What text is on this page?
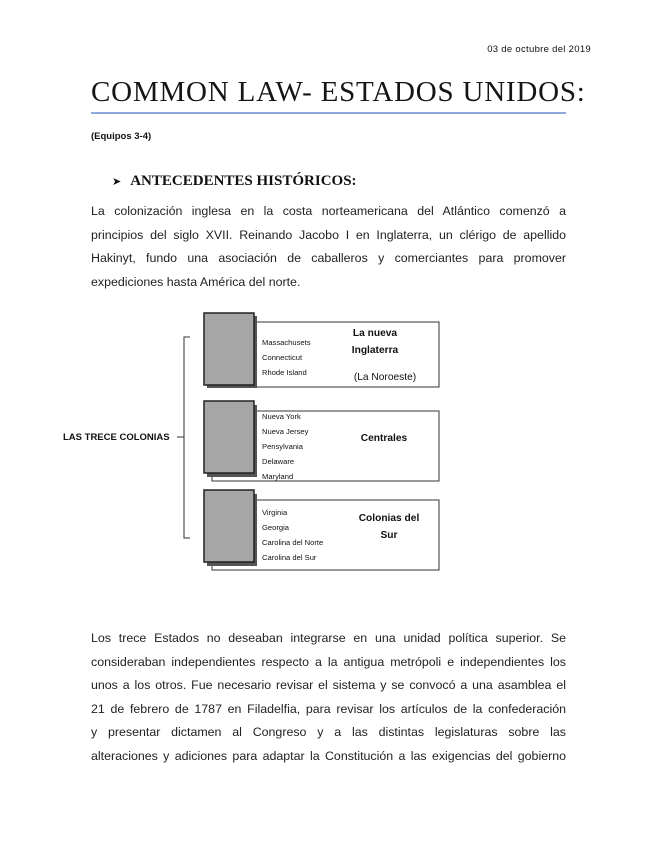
03 de octubre del 2019
COMMON LAW- ESTADOS UNIDOS:
(Equipos 3-4)
➤ ANTECEDENTES HISTÓRICOS:
La colonización inglesa en la costa norteamericana del Atlántico comenzó a
principios del siglo XVII. Reinando Jacobo I en Inglaterra, un clérigo de apellido
Hakinyt, fundo una asociación de caballeros y comerciantes para promover
expediciones hasta América del norte.
LAS TRECE COLONIAS
Massachusets
Connecticut
Rhode Island
La nueva
Inglaterra
(La Noroeste)
Nueva York
Nueva Jersey
Pensylvania
Delaware
Maryland
Centrales
Virginia
Georgia
Carolina del Norte
Carolina del Sur
Colonias del
Sur
Los trece Estados no deseaban integrarse en una unidad política superior. Se
consideraban independientes respecto a la antigua metrópoli e independientes los
unos a los otros. Fue necesario revisar el sistema y se convocó a una asamblea el
21 de febrero de 1787 en Filadelfia, para revisar los artículos de la confederación
y presentar dictamen al Congreso y a las distintas legislaturas sobre las
alteraciones y adiciones para adaptar la Constitución a las exigencias del gobierno
